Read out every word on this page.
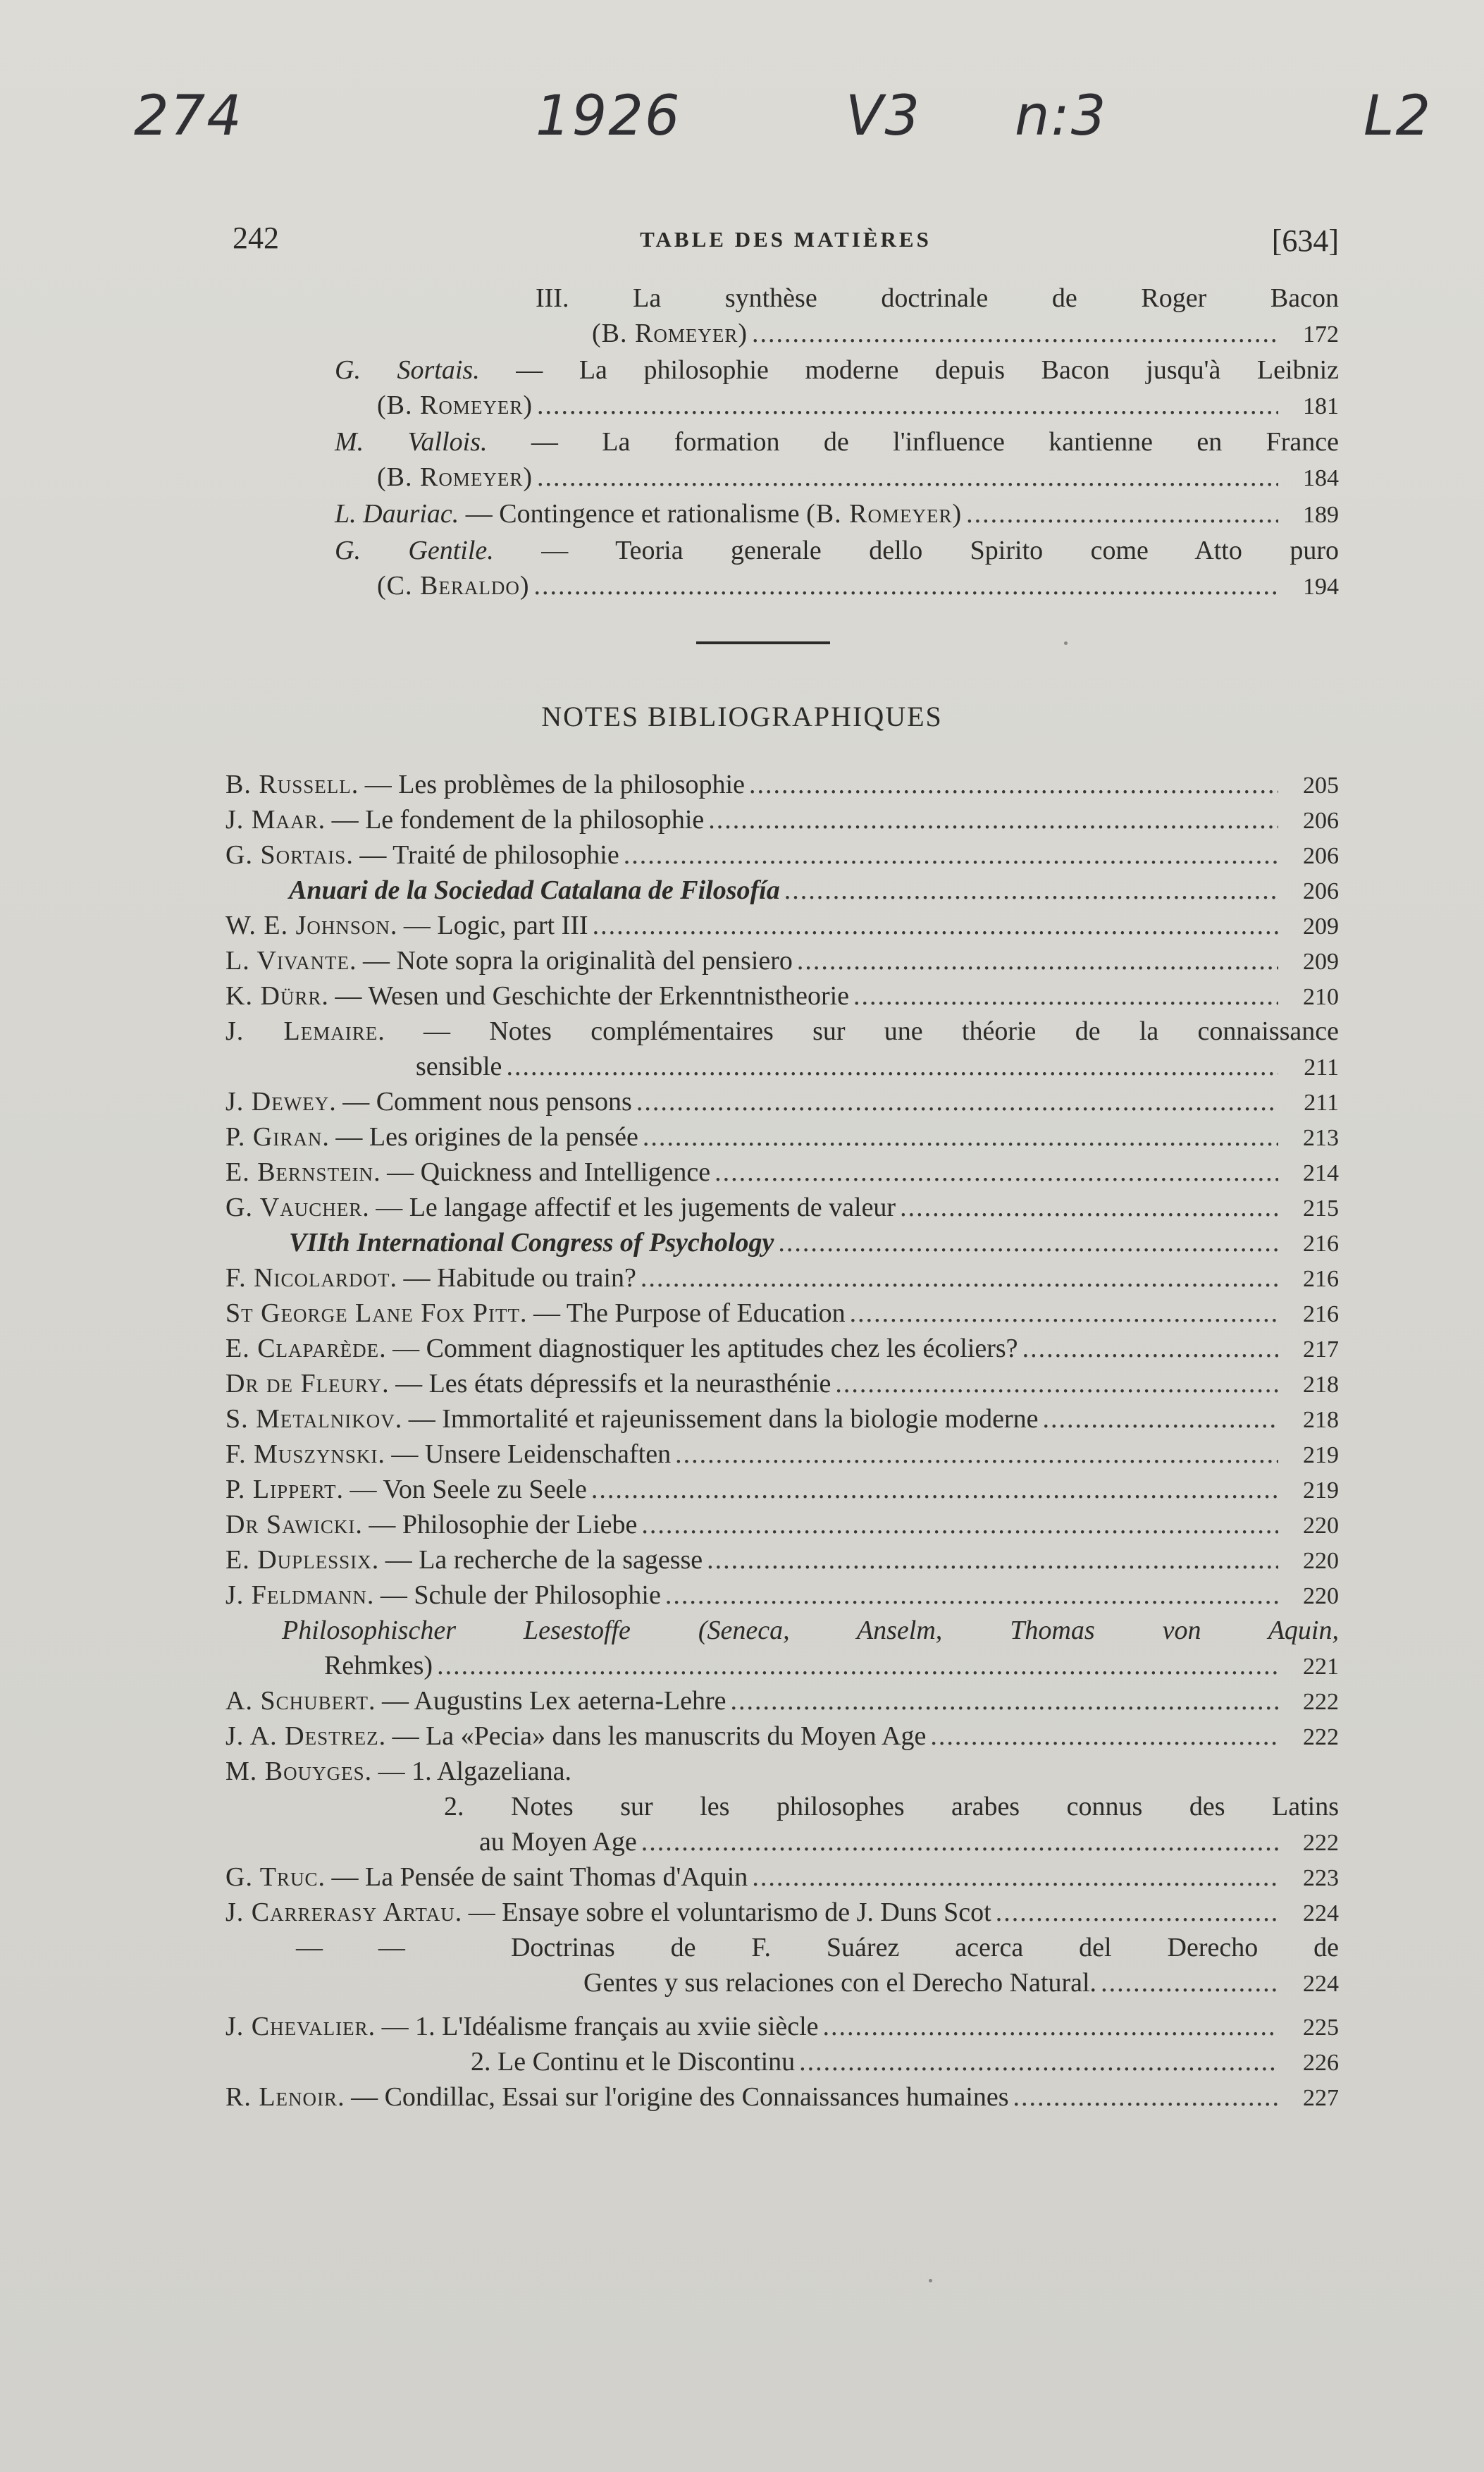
274	1926	V3 n:3	L2
242	TABLE DES MATIÈRES	[634]
III. La synthèse doctrinale de Roger Bacon
(B. Romeyer) .....	172
G. Sortais. — La philosophie moderne depuis Bacon jusqu'à Leibniz
(B. Romeyer) .....	181
M. Vallois. — La formation de l'influence kantienne en France
(B. Romeyer) .....	184
L. Dauriac. — Contingence et rationalisme (B. Romeyer) .....	189
G. Gentile. — Teoria generale dello Spirito come Atto puro
(C. Beraldo) .....	194
NOTES BIBLIOGRAPHIQUES
B. Russell. — Les problèmes de la philosophie .....	205
J. Maar. — Le fondement de la philosophie .....	206
G. Sortais. — Traité de philosophie .....	206
Anuari de la Sociedad Catalana de Filosofía .....	206
W. E. Johnson. — Logic, part III .....	209
L. Vivante. — Note sopra la originalità del pensiero .....	209
K. Dürr. — Wesen und Geschichte der Erkenntnistheorie .....	210
J. Lemaire. — Notes complémentaires sur une théorie de la connaissance
sensible .....	211
J. Dewey. — Comment nous pensons .....	211
P. Giran. — Les origines de la pensée .....	213
E. Bernstein. — Quickness and Intelligence .....	214
G. Vaucher. — Le langage affectif et les jugements de valeur .....	215
VIIth International Congress of Psychology .....	216
F. Nicolardot. — Habitude ou train? .....	216
St George Lane Fox Pitt. — The Purpose of Education .....	216
E. Claparède. — Comment diagnostiquer les aptitudes chez les écoliers? .....	217
Dr de Fleury. — Les états dépressifs et la neurasthénie .....	218
S. Metalnikov. — Immortalité et rajeunissement dans la biologie moderne .....	218
F. Muszynski. — Unsere Leidenschaften .....	219
P. Lippert. — Von Seele zu Seele .....	219
Dr Sawicki. — Philosophie der Liebe .....	220
E. Duplessix. — La recherche de la sagesse .....	220
J. Feldmann. — Schule der Philosophie .....	220
Philosophischer Lesestoffe (Seneca, Anselm, Thomas von Aquin,
Rehmkes) .....	221
A. Schubert. — Augustins Lex aeterna-Lehre .....	222
J. A. Destrez. — La «Pecia» dans les manuscrits du Moyen Age .....	222
M. Bouyges. — 1. Algazeliana.
2. Notes sur les philosophes arabes connus des Latins
au Moyen Age .....	222
G. Truc. — La Pensée de saint Thomas d'Aquin .....	223
J. Carrerasy Artau. — Ensaye sobre el voluntarismo de J. Duns Scot .....	224
— —	Doctrinas de F. Suárez acerca del Derecho de
Gentes y sus relaciones con el Derecho Natural. .....	224
J. Chevalier. — 1. L'Idéalisme français au xviie siècle .....	225
2. Le Continu et le Discontinu .....	226
R. Lenoir. — Condillac, Essai sur l'origine des Connaissances humaines .....	227
